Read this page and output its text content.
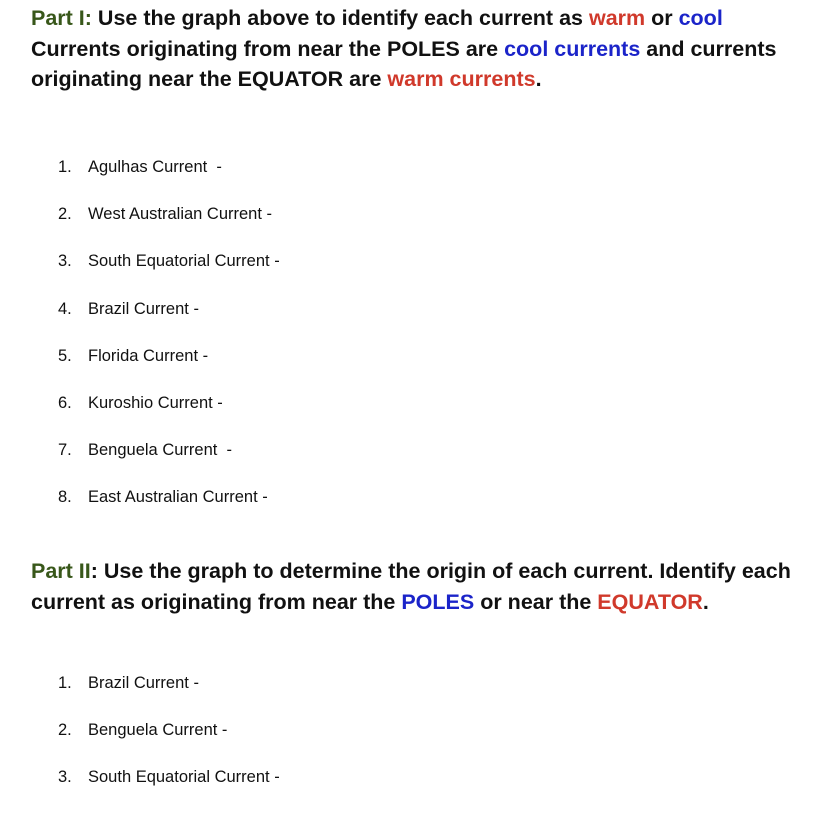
Part I: Use the graph above to identify each current as warm or cool
Currents originating from near the POLES are cool currents and currents originating near the EQUATOR are warm currents.

1. Agulhas Current  -
2. West Australian Current -
3. South Equatorial Current -
4. Brazil Current -
5. Florida Current -
6. Kuroshio Current -
7. Benguela Current  -
8. East Australian Current -

Part II: Use the graph to determine the origin of each current. Identify each current as originating from near the POLES or near the EQUATOR.

1. Brazil Current -
2. Benguela Current -
3. South Equatorial Current -
